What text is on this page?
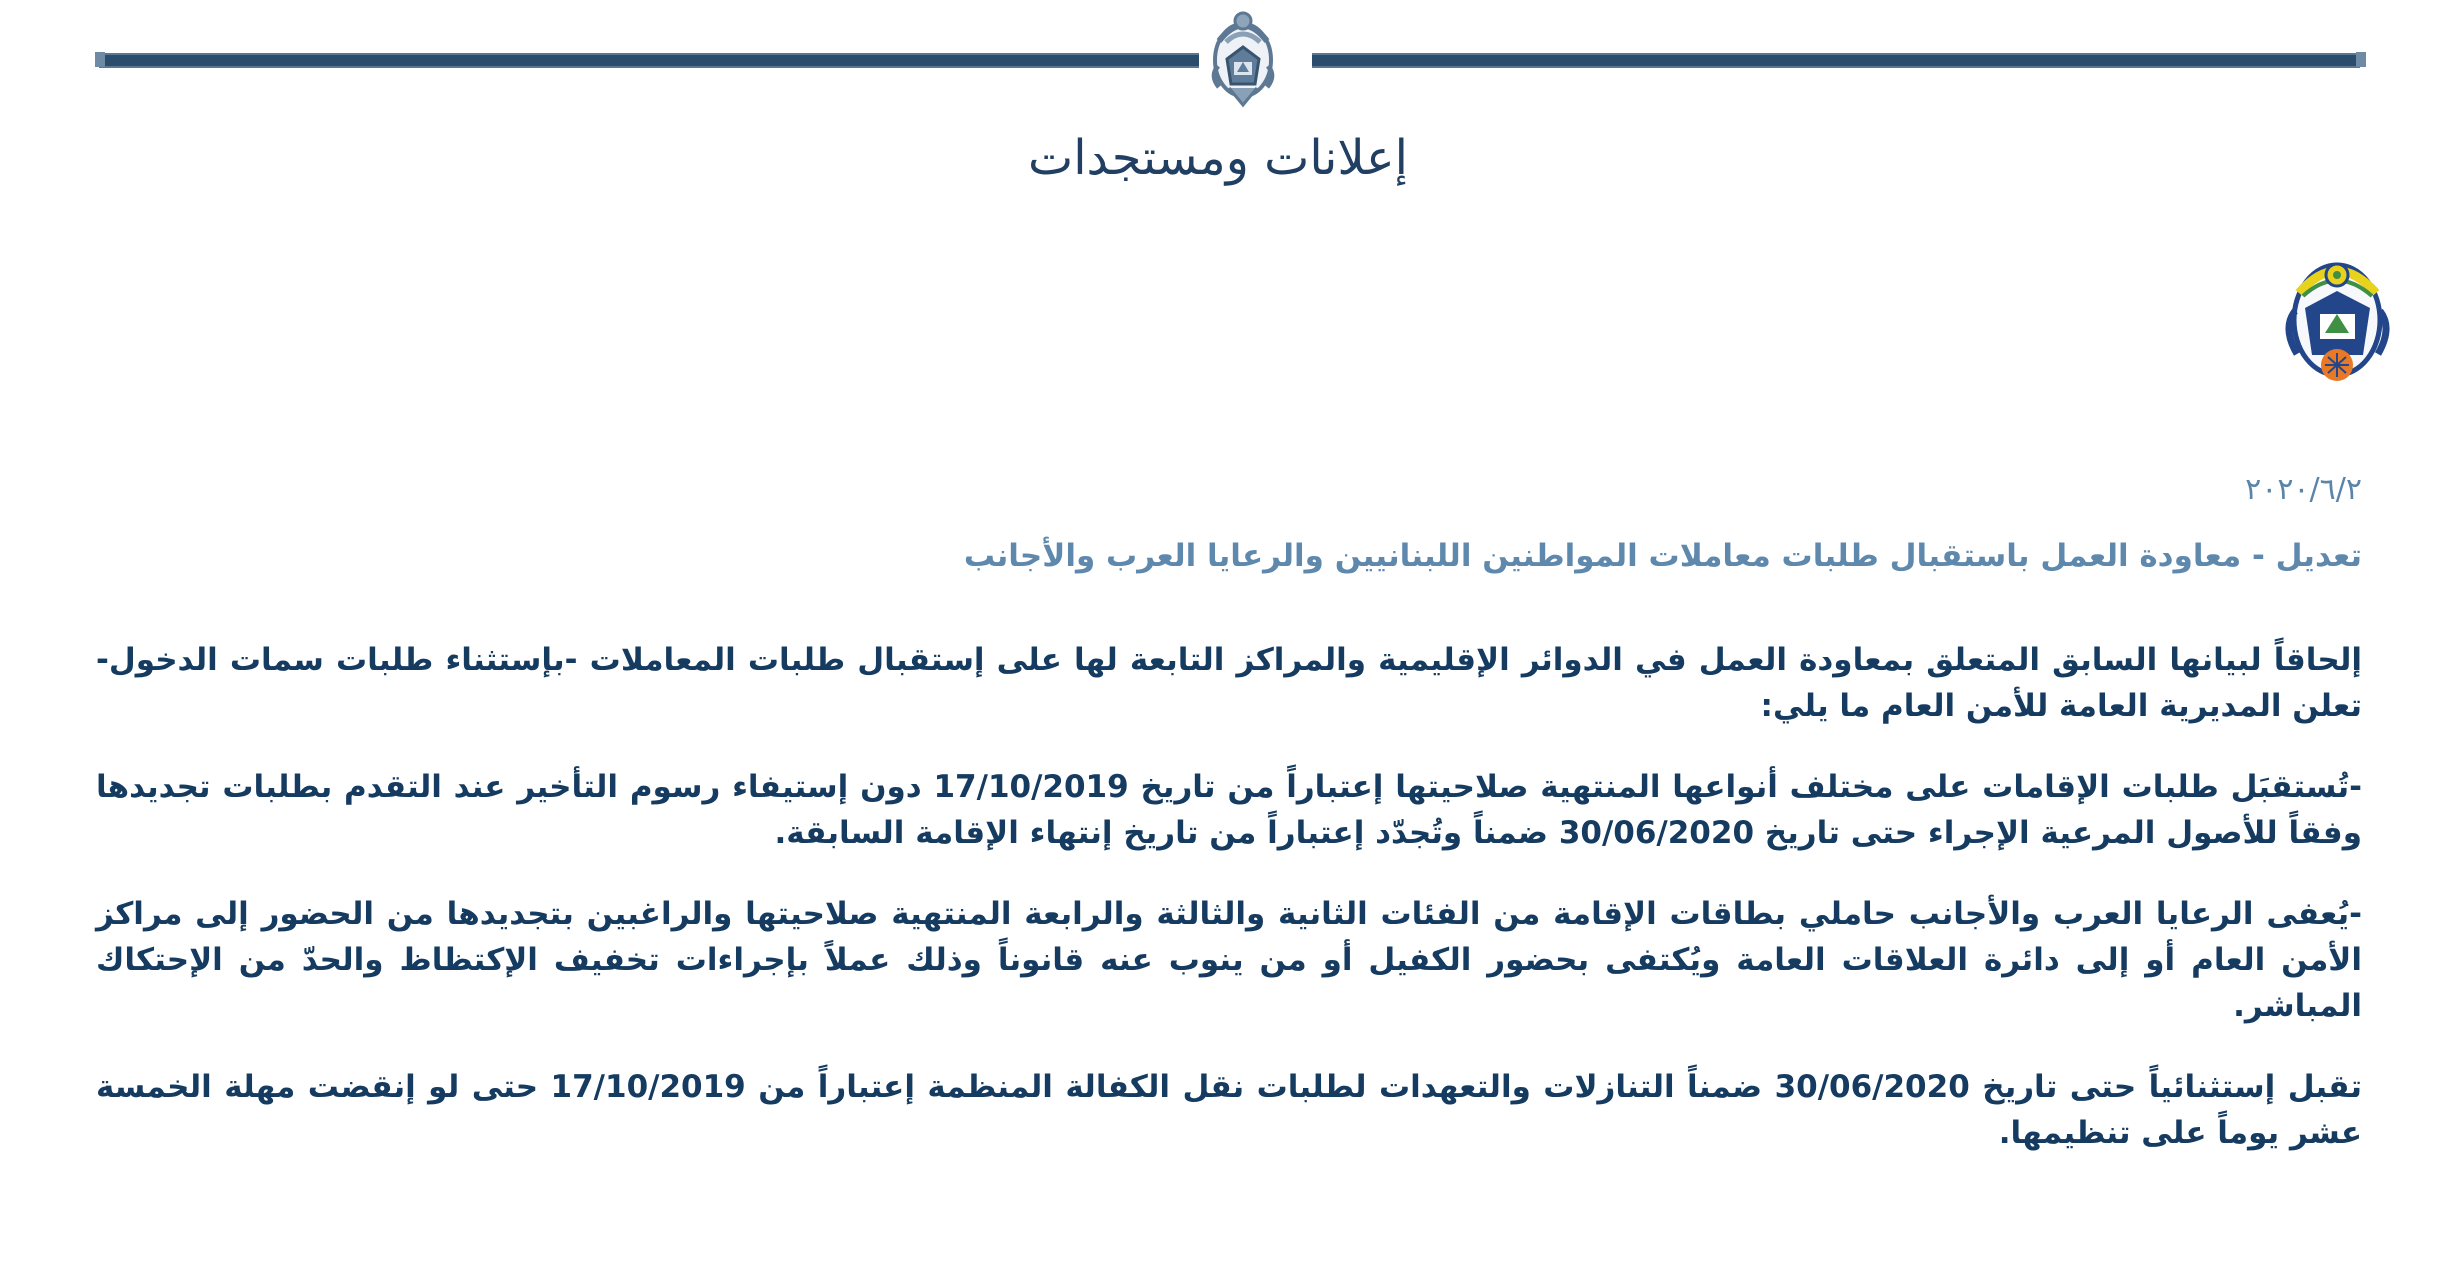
إعلانات ومستجدات
٢٠٢٠/٦/٢
تعديل - معاودة العمل باستقبال طلبات معاملات المواطنين اللبنانيين والرعايا العرب والأجانب

إلحاقاً لبيانها السابق المتعلق بمعاودة العمل في الدوائر الإقليمية والمراكز التابعة لها على إستقبال طلبات المعاملات -بإستثناء طلبات سمات الدخول- تعلن المديرية العامة للأمن العام ما يلي:

-تُستقبَل طلبات الإقامات على مختلف أنواعها المنتهية صلاحيتها إعتباراً من تاريخ 17/10/2019 دون إستيفاء رسوم التأخير عند التقدم بطلبات تجديدها وفقاً للأصول المرعية الإجراء حتى تاريخ 30/06/2020 ضمناً وتُجدّد إعتباراً من تاريخ إنتهاء الإقامة السابقة.

-يُعفى الرعايا العرب والأجانب حاملي بطاقات الإقامة من الفئات الثانية والثالثة والرابعة المنتهية صلاحيتها والراغبين بتجديدها من الحضور إلى مراكز الأمن العام أو إلى دائرة العلاقات العامة ويُكتفى بحضور الكفيل أو من ينوب عنه قانوناً وذلك عملاً بإجراءات تخفيف الإكتظاظ والحدّ من الإحتكاك المباشر.

تقبل إستثنائياً حتى تاريخ 30/06/2020 ضمناً التنازلات والتعهدات لطلبات نقل الكفالة المنظمة إعتباراً من 17/10/2019 حتى لو إنقضت مهلة الخمسة عشر يوماً على تنظيمها.
